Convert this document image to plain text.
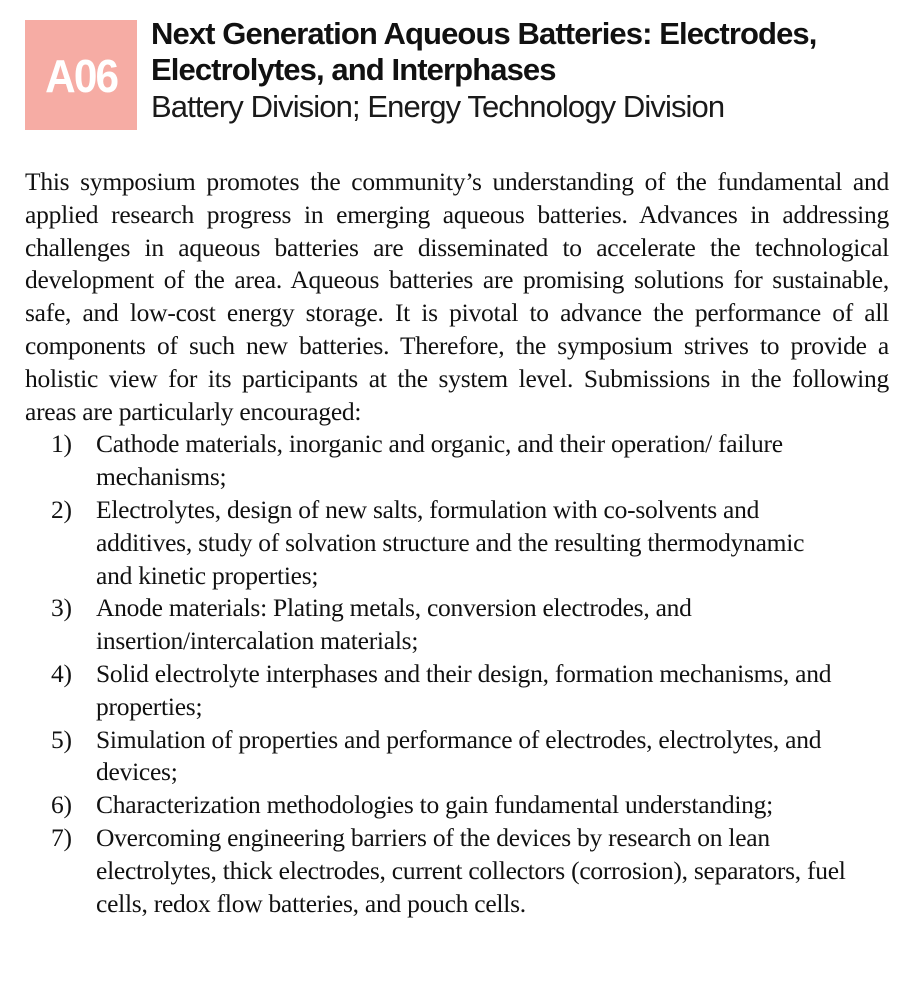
A06
Next Generation Aqueous Batteries: Electrodes, Electrolytes, and Interphases

Battery Division; Energy Technology Division

This symposium promotes the community’s understanding of the fundamental and applied research progress in emerging aqueous batteries. Advances in addressing challenges in aqueous batteries are disseminated to accelerate the technological development of the area. Aqueous batteries are promising solutions for sustainable, safe, and low-cost energy storage. It is pivotal to advance the performance of all components of such new batteries. Therefore, the symposium strives to provide a holistic view for its participants at the system level. Submissions in the following areas are particularly encouraged:

1) Cathode materials, inorganic and organic, and their operation/ failure mechanisms;
2) Electrolytes, design of new salts, formulation with co-solvents and additives, study of solvation structure and the resulting thermodynamic and kinetic properties;
3) Anode materials: Plating metals, conversion electrodes, and insertion/intercalation materials;
4) Solid electrolyte interphases and their design, formation mechanisms, and properties;
5) Simulation of properties and performance of electrodes, electrolytes, and devices;
6) Characterization methodologies to gain fundamental understanding;
7) Overcoming engineering barriers of the devices by research on lean electrolytes, thick electrodes, current collectors (corrosion), separators, fuel cells, redox flow batteries, and pouch cells.
